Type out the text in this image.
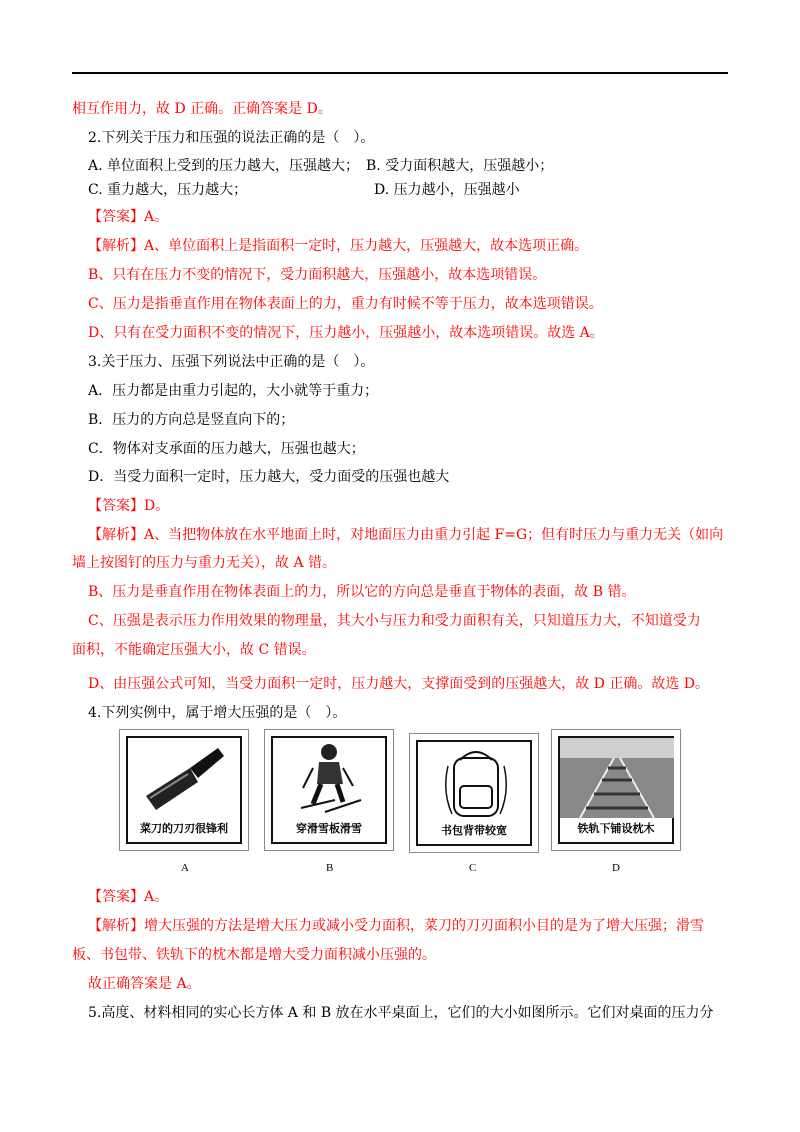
相互作用力，故 D 正确。正确答案是 D。
2.下列关于压力和压强的说法正确的是（　）。
A. 单位面积上受到的压力越大，压强越大； B. 受力面积越大，压强越小；
C. 重力越大，压力越大；	D. 压力越小，压强越小
【答案】A。
【解析】A、单位面积上是指面积一定时，压力越大，压强越大，故本选项正确。
B、只有在压力不变的情况下，受力面积越大，压强越小，故本选项错误。
C、压力是指垂直作用在物体表面上的力，重力有时候不等于压力，故本选项错误。
D、只有在受力面积不变的情况下，压力越小，压强越小，故本选项错误。故选 A。
3.关于压力、压强下列说法中正确的是（　）。
A．压力都是由重力引起的，大小就等于重力；
B．压力的方向总是竖直向下的；
C．物体对支承面的压力越大，压强也越大；
D．当受力面积一定时，压力越大，受力面受的压强也越大
【答案】D。
【解析】A、当把物体放在水平地面上时，对地面压力由重力引起 F=G；但有时压力与重力无关（如向
墙上按图钉的压力与重力无关），故 A 错。
B、压力是垂直作用在物体表面上的力，所以它的方向总是垂直于物体的表面，故 B 错。
C、压强是表示压力作用效果的物理量，其大小与压力和受力面积有关，只知道压力大，不知道受力
面积，不能确定压强大小，故 C 错误。
D、由压强公式可知，当受力面积一定时，压力越大，支撑面受到的压强越大，故 D 正确。故选 D。
4.下列实例中，属于增大压强的是（　）。
菜刀的刀刃很锋利	穿滑雪板滑雪	书包背带较宽	铁轨下铺设枕木
A	B	C	D
【答案】A。
【解析】增大压强的方法是增大压力或减小受力面积，菜刀的刀刃面积小目的是为了增大压强；滑雪
板、书包带、铁轨下的枕木都是增大受力面积减小压强的。
故正确答案是 A。
5.高度、材料相同的实心长方体 A 和 B 放在水平桌面上，它们的大小如图所示。它们对桌面的压力分
